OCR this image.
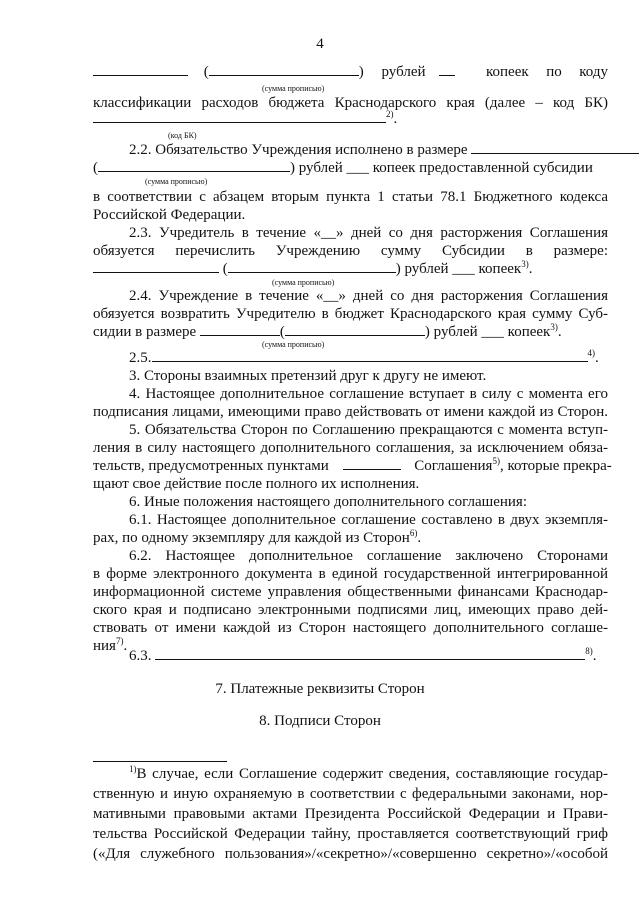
4
(	) рублей	копеек по коду
(сумма прописью)
классификации расходов бюджета Краснодарского края (далее – код БК)
$^{2)}$.
(код БК)
2.2. Обязательство Учреждения исполнено в размере
(	) рублей ___ копеек предоставленной субсидии
(сумма прописью)
в соответствии с абзацем вторым пункта 1 статьи 78.1 Бюджетного кодекса
Российской Федерации.
2.3. Учредитель в течение «__» дней со дня расторжения Соглашения
обязуется перечислить Учреждению сумму Субсидии в размере:
(	) рублей ___ копеек$^{3)}$.
(сумма прописью)
2.4. Учреждение в течение «__» дней со дня расторжения Соглашения
обязуется возвратить Учредителю в бюджет Краснодарского края сумму Суб-
сидии в размере	(	) рублей ___ копеек$^{3)}$.
(сумма прописью)
2.5.	$^{4)}$.
3. Стороны взаимных претензий друг к другу не имеют.
4. Настоящее дополнительное соглашение вступает в силу с момента его
подписания лицами, имеющими право действовать от имени каждой из Сторон.
5. Обязательства Сторон по Соглашению прекращаются с момента вступ-
ления в силу настоящего дополнительного соглашения, за исключением обяза-
тельств, предусмотренных пунктами	Соглашения$^{5)}$, которые прекра-
щают свое действие после полного их исполнения.
6. Иные положения настоящего дополнительного соглашения:
6.1. Настоящее дополнительное соглашение составлено в двух экземпля-
рах, по одному экземпляру для каждой из Сторон$^{6)}$.
6.2. Настоящее дополнительное соглашение заключено Сторонами
в форме электронного документа в единой государственной интегрированной
информационной системе управления общественными финансами Краснодар-
ского края и подписано электронными подписями лиц, имеющих право дей-
ствовать от имени каждой из Сторон настоящего дополнительного соглаше-
ния$^{7)}$.
6.3.	$^{8)}$.
7. Платежные реквизиты Сторон
8. Подписи Сторон
$^{1)}$В случае, если Соглашение содержит сведения, составляющие государ-
ственную и иную охраняемую в соответствии с федеральными законами, нор-
мативными правовыми актами Президента Российской Федерации и Прави-
тельства Российской Федерации тайну, проставляется соответствующий гриф
(«Для служебного пользования»/«секретно»/«совершенно секретно»/«особой
